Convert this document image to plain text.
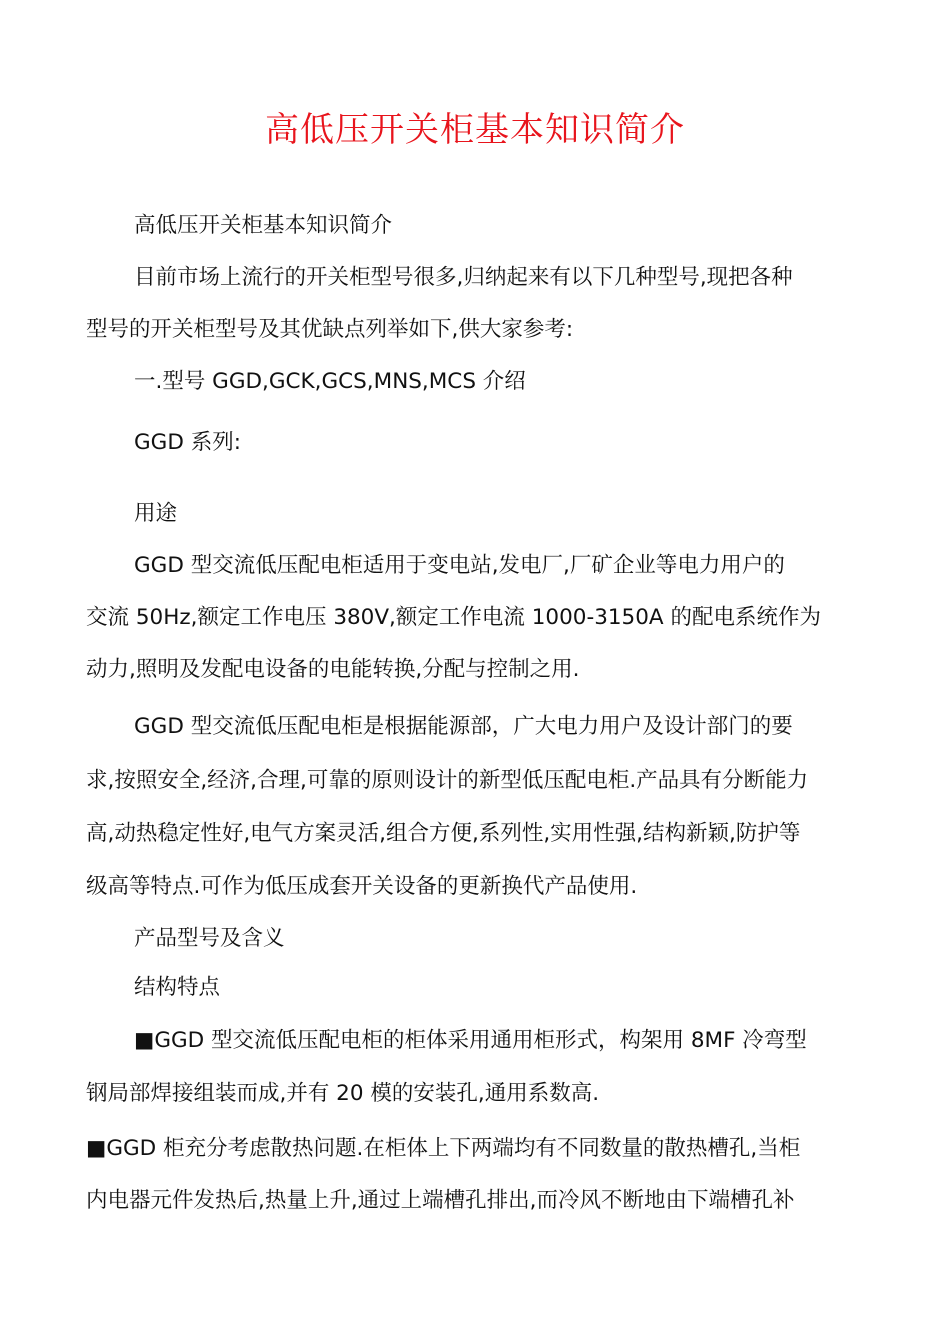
高低压开关柜基本知识简介
高低压开关柜基本知识简介
目前市场上流行的开关柜型号很多,归纳起来有以下几种型号,现把各种
型号的开关柜型号及其优缺点列举如下,供大家参考:
一.型号 GGD,GCK,GCS,MNS,MCS 介绍
GGD 系列:
用途
GGD 型交流低压配电柜适用于变电站,发电厂,厂矿企业等电力用户的
交流 50Hz,额定工作电压 380V,额定工作电流 1000-3150A 的配电系统作为
动力,照明及发配电设备的电能转换,分配与控制之用.
GGD 型交流低压配电柜是根据能源部，广大电力用户及设计部门的要
求,按照安全,经济,合理,可靠的原则设计的新型低压配电柜.产品具有分断能力
高,动热稳定性好,电气方案灵活,组合方便,系列性,实用性强,结构新颖,防护等
级高等特点.可作为低压成套开关设备的更新换代产品使用.
产品型号及含义
结构特点
■GGD 型交流低压配电柜的柜体采用通用柜形式，构架用 8MF 冷弯型
钢局部焊接组装而成,并有 20 模的安装孔,通用系数高.
■GGD 柜充分考虑散热问题.在柜体上下两端均有不同数量的散热槽孔,当柜
内电器元件发热后,热量上升,通过上端槽孔排出,而冷风不断地由下端槽孔补
